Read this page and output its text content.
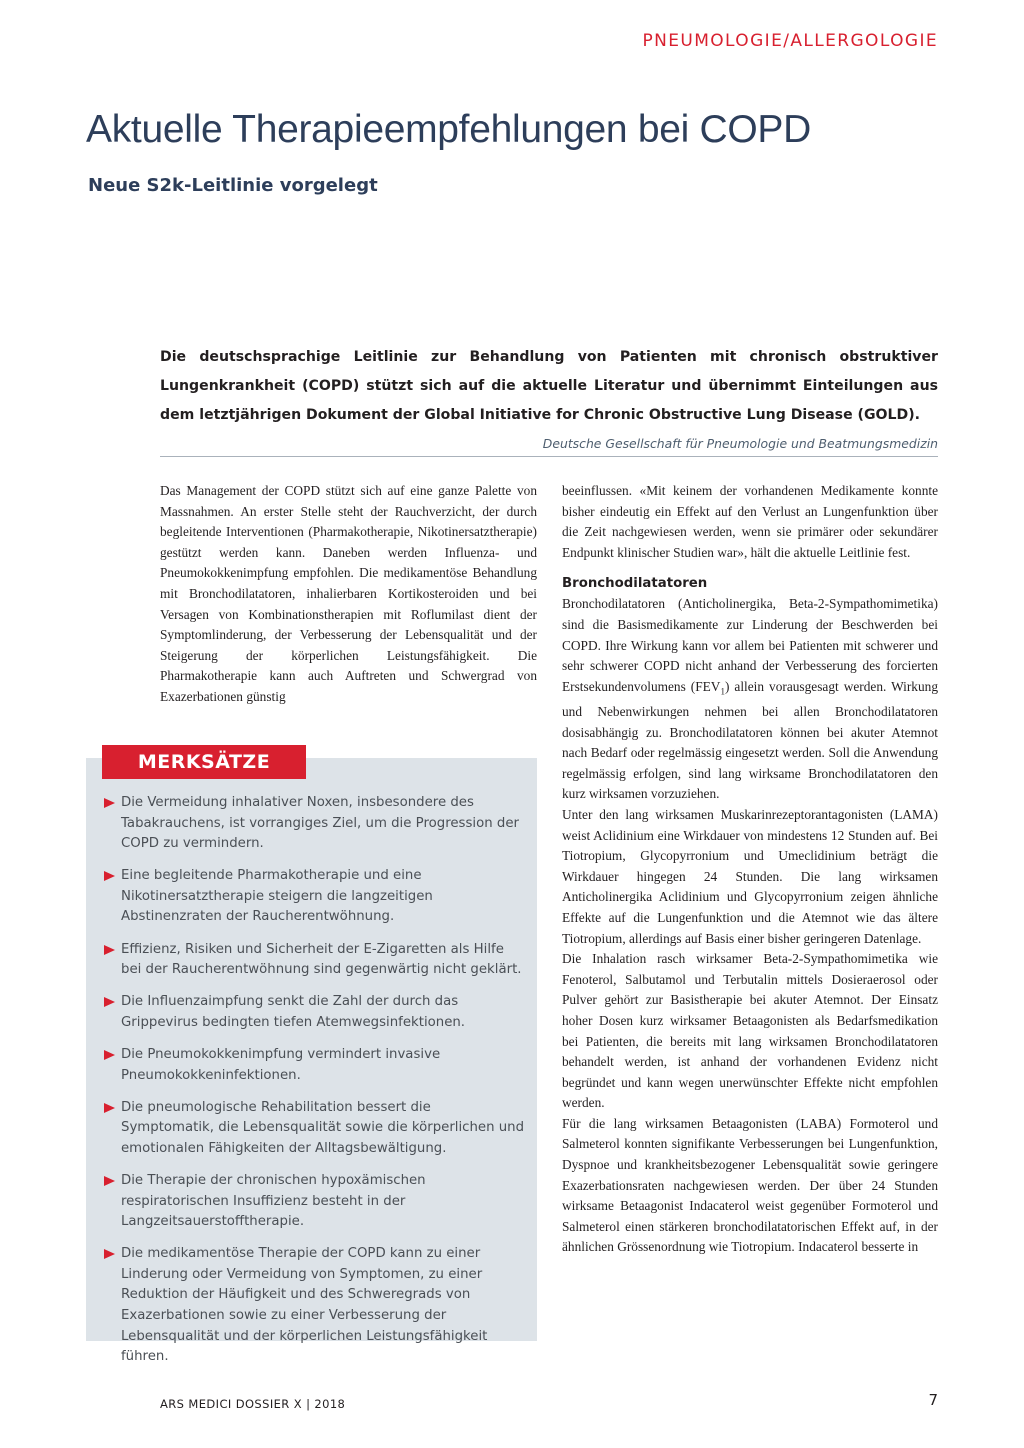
PNEUMOLOGIE/ALLERGOLOGIE
Aktuelle Therapieempfehlungen bei COPD
Neue S2k-Leitlinie vorgelegt

Die deutschsprachige Leitlinie zur Behandlung von Patienten mit chronisch obstruktiver Lungenkrankheit (COPD) stützt sich auf die aktuelle Literatur und übernimmt Einteilungen aus dem letztjährigen Dokument der Global Initiative for Chronic Obstructive Lung Disease (GOLD).

Deutsche Gesellschaft für Pneumologie und Beatmungsmedizin

Das Management der COPD stützt sich auf eine ganze Palette von Massnahmen. An erster Stelle steht der Rauchverzicht, der durch begleitende Interventionen (Pharmakotherapie, Nikotinersatztherapie) gestützt werden kann. Daneben werden Influenza- und Pneumokokkenimpfung empfohlen. Die medikamentöse Behandlung mit Bronchodilatatoren, inhalierbaren Kortikosteroiden und bei Versagen von Kombinationstherapien mit Roflumilast dient der Symptomlinderung, der Verbesserung der Lebensqualität und der Steigerung der körperlichen Leistungsfähigkeit. Die Pharmakotherapie kann auch Auftreten und Schwergrad von Exazerbationen günstig

MERKSÄTZE
Die Vermeidung inhalativer Noxen, insbesondere des Tabakrauchens, ist vorrangiges Ziel, um die Progression der COPD zu vermindern.
Eine begleitende Pharmakotherapie und eine Nikotinersatztherapie steigern die langzeitigen Abstinenzraten der Raucherentwöhnung.
Effizienz, Risiken und Sicherheit der E-Zigaretten als Hilfe bei der Raucherentwöhnung sind gegenwärtig nicht geklärt.
Die Influenzaimpfung senkt die Zahl der durch das Grippevirus bedingten tiefen Atemwegsinfektionen.
Die Pneumokokkenimpfung vermindert invasive Pneumokokkeninfektionen.
Die pneumologische Rehabilitation bessert die Symptomatik, die Lebensqualität sowie die körperlichen und emotionalen Fähigkeiten der Alltagsbewältigung.
Die Therapie der chronischen hypoxämischen respiratorischen Insuffizienz besteht in der Langzeitsauerstofftherapie.
Die medikamentöse Therapie der COPD kann zu einer Linderung oder Vermeidung von Symptomen, zu einer Reduktion der Häufigkeit und des Schweregrads von Exazerbationen sowie zu einer Verbesserung der Lebensqualität und der körperlichen Leistungsfähigkeit führen.

beeinflussen. «Mit keinem der vorhandenen Medikamente konnte bisher eindeutig ein Effekt auf den Verlust an Lungenfunktion über die Zeit nachgewiesen werden, wenn sie primärer oder sekundärer Endpunkt klinischer Studien war», hält die aktuelle Leitlinie fest.

Bronchodilatatoren

Bronchodilatatoren (Anticholinergika, Beta-2-Sympathomimetika) sind die Basismedikamente zur Linderung der Beschwerden bei COPD. Ihre Wirkung kann vor allem bei Patienten mit schwerer und sehr schwerer COPD nicht anhand der Verbesserung des forcierten Erstsekundenvolumens $(FEV_1)$ allein vorausgesagt werden. Wirkung und Nebenwirkungen nehmen bei allen Bronchodilatatoren dosisabhängig zu. Bronchodilatatoren können bei akuter Atemnot nach Bedarf oder regelmässig eingesetzt werden. Soll die Anwendung regelmässig erfolgen, sind lang wirksame Bronchodilatatoren den kurz wirksamen vorzuziehen.

Unter den lang wirksamen Muskarinrezeptorantagonisten (LAMA) weist Aclidinium eine Wirkdauer von mindestens 12 Stunden auf. Bei Tiotropium, Glycopyrronium und Umeclidinium beträgt die Wirkdauer hingegen 24 Stunden. Die lang wirksamen Anticholinergika Aclidinium und Glycopyrronium zeigen ähnliche Effekte auf die Lungenfunktion und die Atemnot wie das ältere Tiotropium, allerdings auf Basis einer bisher geringeren Datenlage.

Die Inhalation rasch wirksamer Beta-2-Sympathomimetika wie Fenoterol, Salbutamol und Terbutalin mittels Dosieraerosol oder Pulver gehört zur Basistherapie bei akuter Atemnot. Der Einsatz hoher Dosen kurz wirksamer Betaagonisten als Bedarfsmedikation bei Patienten, die bereits mit lang wirksamen Bronchodilatatoren behandelt werden, ist anhand der vorhandenen Evidenz nicht begründet und kann wegen unerwünschter Effekte nicht empfohlen werden.

Für die lang wirksamen Betaagonisten (LABA) Formoterol und Salmeterol konnten signifikante Verbesserungen bei Lungenfunktion, Dyspnoe und krankheitsbezogener Lebensqualität sowie geringere Exazerbationsraten nachgewiesen werden. Der über 24 Stunden wirksame Betaagonist Indacaterol weist gegenüber Formoterol und Salmeterol einen stärkeren bronchodilatatorischen Effekt auf, in der ähnlichen Grössenordnung wie Tiotropium. Indacaterol besserte in

ARS MEDICI DOSSIER X | 2018	7
